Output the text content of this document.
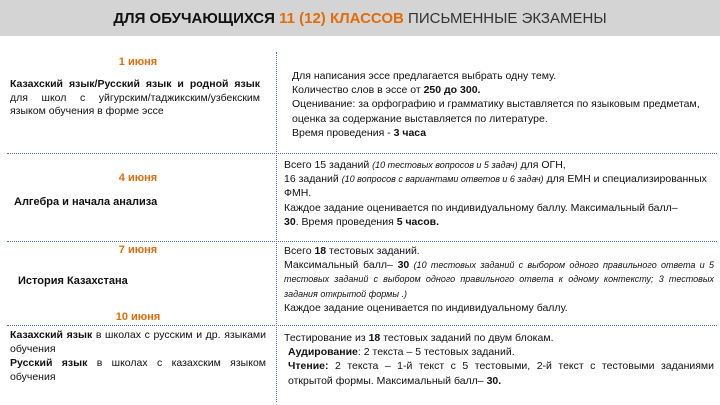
ДЛЯ ОБУЧАЮЩИХСЯ 11 (12) КЛАССОВ ПИСЬМЕННЫЕ ЭКЗАМЕНЫ
1 июня
Казахский язык/Русский язык и родной язык для школ с уйгурским/таджикским/узбекским языком обучения в форме эссе

Для написания эссе предлагается выбрать одну тему.

Количество слов в эссе от 250 до 300.

Оценивание: за орфографию и грамматику выставляется по языковым предметам, оценка за содержание выставляется по литературе.

Время проведения - 3 часа

4 июня
Алгебра и начала анализа

Всего 15 заданий (10 тестовых вопросов и 5 задач) для ОГН,

16 заданий (10 вопросов с вариантами ответов и 6 задач) для ЕМН и специализированных ФМН.

Каждое задание оценивается по индивидуальному баллу. Максимальный балл–

30. Время проведения 5 часов.

7 июня
История Казахстана

Всего 18 тестовых заданий.

Максимальный балл– 30 (10 тестовых заданий с выбором одного правильного ответа и 5 тестовых заданий с выбором одного правильного ответа к одному контексту; 3 тестовых задания открытой формы .)

Каждое задание оценивается по индивидуальному баллу.

10 июня
Казахский язык в школах с русским и др. языками обучения
Русский язык в школах с казахским языком обучения

Тестирование из 18 тестовых заданий по двум блокам.

Аудирование: 2 текста – 5 тестовых заданий.

Чтение: 2 текста – 1-й текст с 5 тестовыми, 2-й текст с тестовыми заданиями открытой формы. Максимальный балл– 30.
